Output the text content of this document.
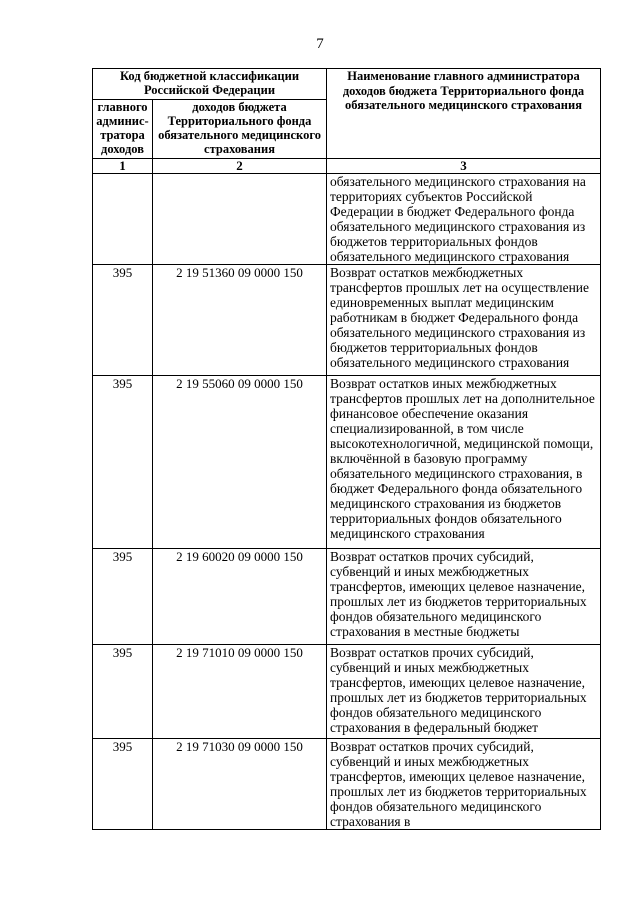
7
Код бюджетной классификации Российской Федерации		Наименование главного администратора доходов бюджета Территориального фонда обязательного медицинского страхования
главного админис-тратора доходов	доходов бюджета Территориального фонда обязательного медицинского страхования	
1	2	3
		обязательного медицинского страхования на территориях субъектов Российской Федерации в бюджет Федерального фонда обязательного медицинского страхования из бюджетов территориальных фондов обязательного медицинского страхования
395	2 19 51360 09 0000 150	Возврат остатков межбюджетных трансфертов прошлых лет на осуществление единовременных выплат медицинским работникам в бюджет Федерального фонда обязательного медицинского страхования из бюджетов территориальных фондов обязательного медицинского страхования
395	2 19 55060 09 0000 150	Возврат остатков иных межбюджетных трансфертов прошлых лет на дополнительное финансовое обеспечение оказания специализированной, в том числе высокотехнологичной, медицинской помощи, включённой в базовую программу обязательного медицинского страхования, в бюджет Федерального фонда обязательного медицинского страхования из бюджетов территориальных фондов обязательного медицинского страхования
395	2 19 60020 09 0000 150	Возврат остатков прочих субсидий, субвенций и иных межбюджетных трансфертов, имеющих целевое назначение, прошлых лет из бюджетов территориальных фондов обязательного медицинского страхования в местные бюджеты
395	2 19 71010 09 0000 150	Возврат остатков прочих субсидий, субвенций и иных межбюджетных трансфертов, имеющих целевое назначение, прошлых лет из бюджетов территориальных фондов обязательного медицинского страхования в федеральный бюджет
395	2 19 71030 09 0000 150	Возврат остатков прочих субсидий, субвенций и иных межбюджетных трансфертов, имеющих целевое назначение, прошлых лет из бюджетов территориальных фондов обязательного медицинского страхования в
